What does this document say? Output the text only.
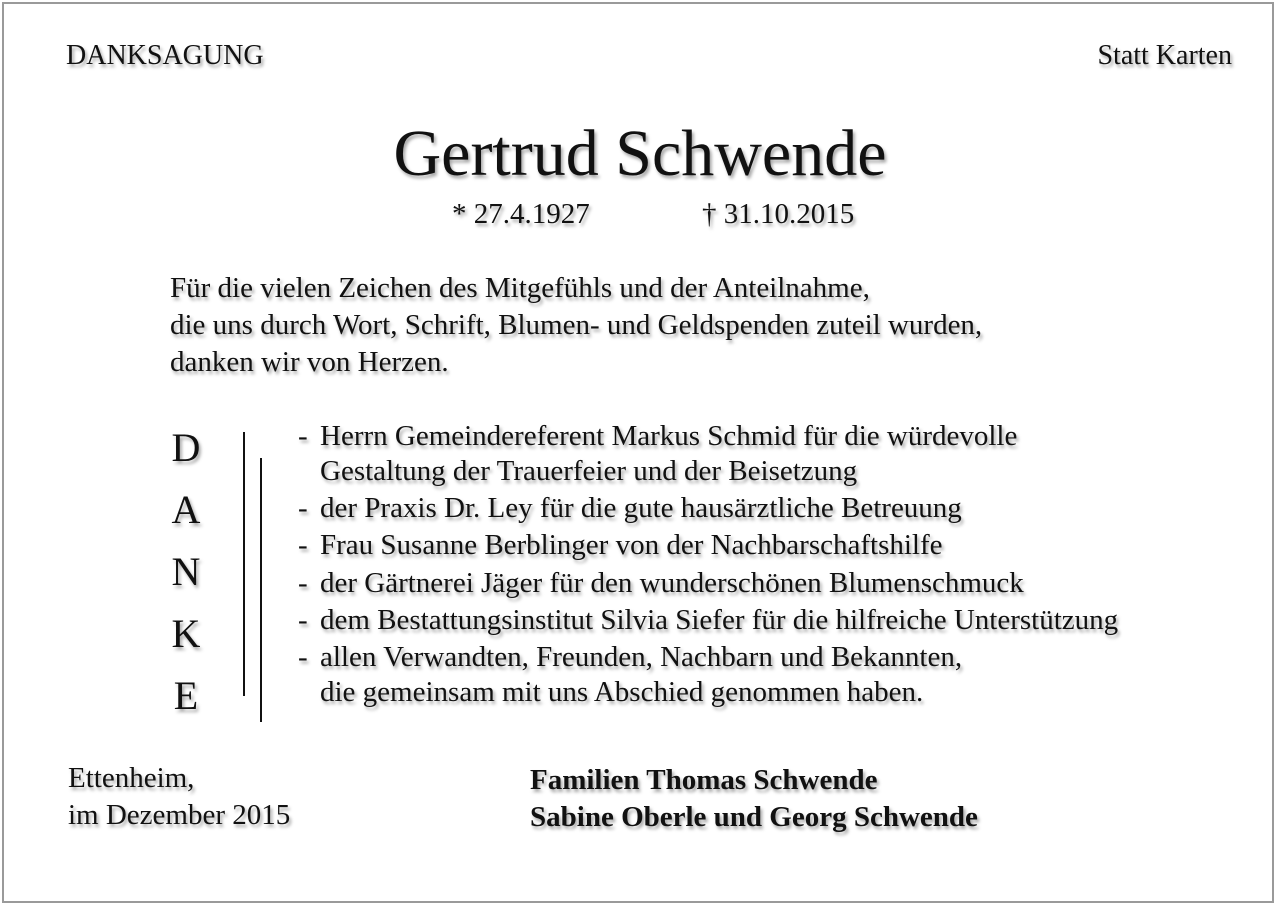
DANKSAGUNG	Statt Karten
Gertrud Schwende
* 27.4.1927	† 31.10.2015
Für die vielen Zeichen des Mitgefühls und der Anteilnahme,
die uns durch Wort, Schrift, Blumen- und Geldspenden zuteil wurden,
danken wir von Herzen.
D
A
N
K
E
- Herrn Gemeindereferent Markus Schmid für die würdevolle
Gestaltung der Trauerfeier und der Beisetzung
- der Praxis Dr. Ley für die gute hausärztliche Betreuung
- Frau Susanne Berblinger von der Nachbarschaftshilfe
- der Gärtnerei Jäger für den wunderschönen Blumenschmuck
- dem Bestattungsinstitut Silvia Siefer für die hilfreiche Unterstützung
- allen Verwandten, Freunden, Nachbarn und Bekannten,
die gemeinsam mit uns Abschied genommen haben.
Ettenheim,
im Dezember 2015
Familien Thomas Schwende
Sabine Oberle und Georg Schwende
